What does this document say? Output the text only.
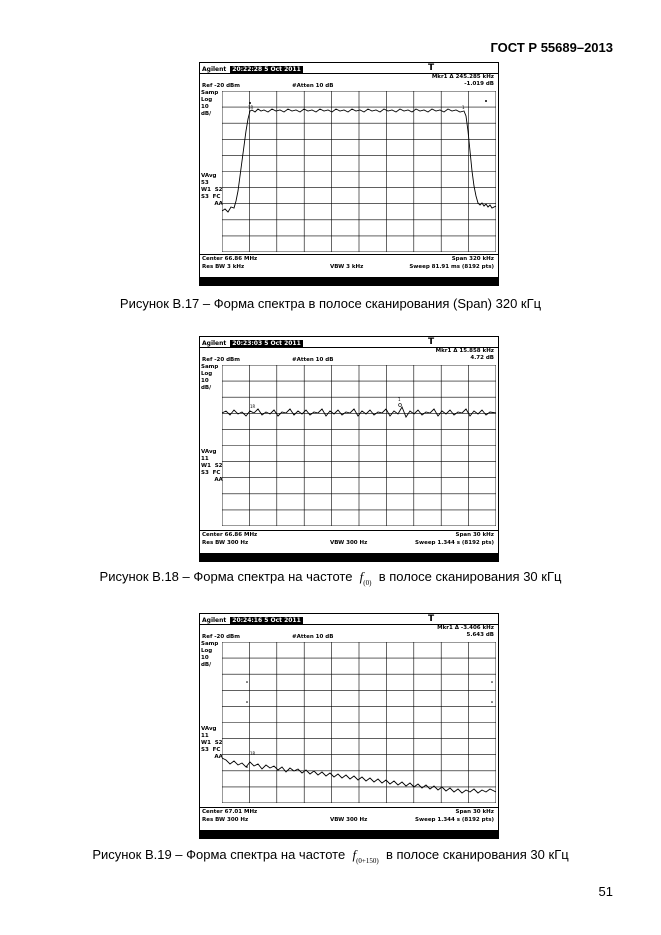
ГОСТ Р 55689–2013
Agilent 20:22:28 5 Oct 2011	T
Mkr1 Δ 245.285 kHz
-1.019 dB
Ref -20 dBm	#Atten 10 dB
Samp
Log
10
dB/
VAvg
53
W1  S2
S3  FC
AA
1R	1
Center 66.86 MHz	Span 320 kHz
Res BW 3 kHz	VBW 3 kHz	Sweep 81.91 ms (8192 pts)
Рисунок В.17 – Форма спектра в полосе сканирования (Span) 320 кГц
Agilent 20:23:03 5 Oct 2011	T
Mkr1 Δ 15.858 kHz
4.72 dB
Ref -20 dBm	#Atten 10 dB
Samp
Log
10
dB/
VAvg
11
W1  S2
S3  FC
AA
1R
1
Center 66.86 MHz	Span 30 kHz
Res BW 300 Hz	VBW 300 Hz	Sweep 1.344 s (8192 pts)
Рисунок В.18 – Форма спектра на частоте $f_{(0)}$ в полосе сканирования 30 кГц
Agilent 20:24:16 5 Oct 2011	T
Mkr1 Δ -3.406 kHz
5.643 dB
Ref -20 dBm	#Atten 10 dB
Samp
Log
10
dB/
VAvg
11
W1  S2
S3  FC
AA
1R
Center 67.01 MHz	Span 30 kHz
Res BW 300 Hz	VBW 300 Hz	Sweep 1.344 s (8192 pts)
Рисунок В.19 – Форма спектра на частоте $f_{(0+150)}$ в полосе сканирования 30 кГц
51
